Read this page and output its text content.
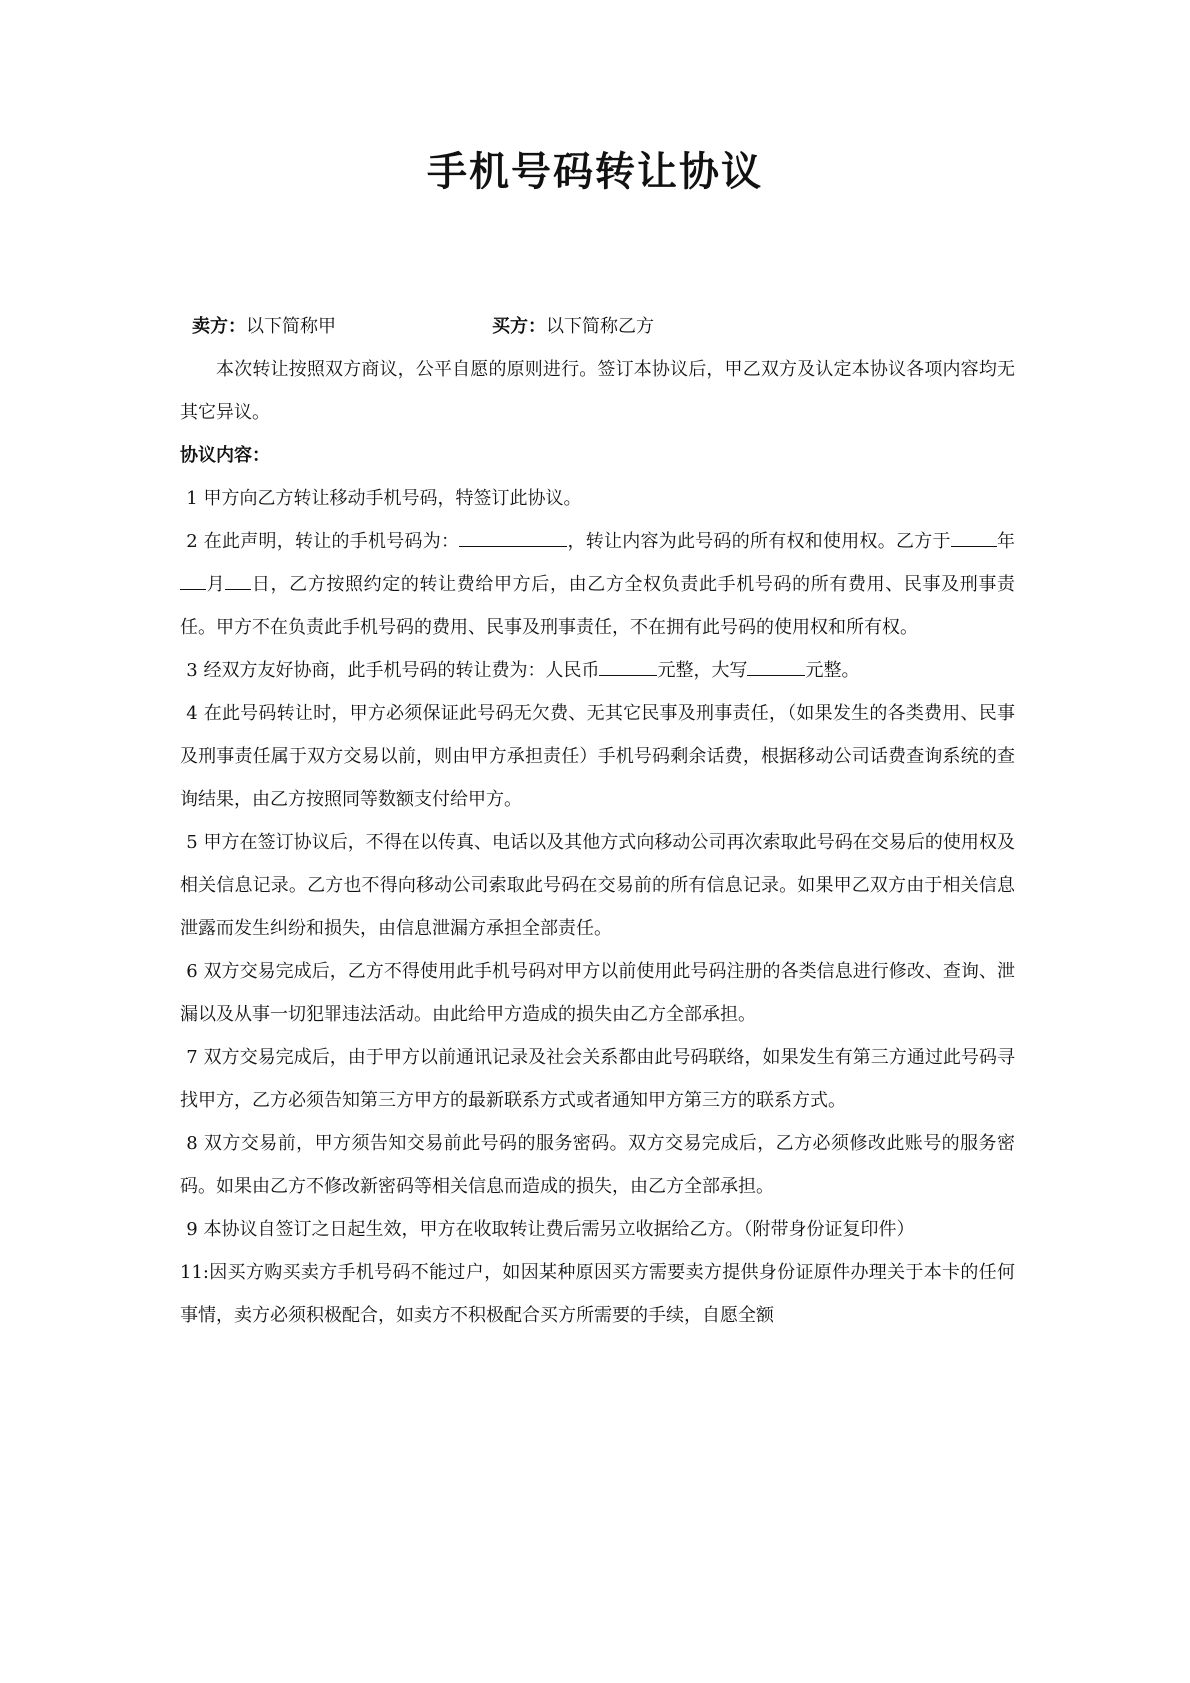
手机号码转让协议
卖方：以下简称甲	买方：以下简称乙方

本次转让按照双方商议，公平自愿的原则进行。签订本协议后，甲乙双方及认定本协议各项内容均无其它异议。

协议内容：

1 甲方向乙方转让移动手机号码，特签订此协议。

2 在此声明，转让的手机号码为：	，转让内容为此号码的所有权和使用权。乙方于	年月 日，乙方按照约定的转让费给甲方后，由乙方全权负责此手机号码的所有费用、民事及刑事责任。甲方不在负责此手机号码的费用、民事及刑事责任，不在拥有此号码的使用权和所有权。

3 经双方友好协商，此手机号码的转让费为：人民币	元整，大写	元整。

4 在此号码转让时，甲方必须保证此号码无欠费、无其它民事及刑事责任，（如果发生的各类费用、民事及刑事责任属于双方交易以前，则由甲方承担责任）手机号码剩余话费，根据移动公司话费查询系统的查询结果，由乙方按照同等数额支付给甲方。

5 甲方在签订协议后，不得在以传真、电话以及其他方式向移动公司再次索取此号码在交易后的使用权及相关信息记录。乙方也不得向移动公司索取此号码在交易前的所有信息记录。如果甲乙双方由于相关信息泄露而发生纠纷和损失，由信息泄漏方承担全部责任。

6 双方交易完成后，乙方不得使用此手机号码对甲方以前使用此号码注册的各类信息进行修改、查询、泄漏以及从事一切犯罪违法活动。由此给甲方造成的损失由乙方全部承担。

7 双方交易完成后，由于甲方以前通讯记录及社会关系都由此号码联络，如果发生有第三方通过此号码寻找甲方，乙方必须告知第三方甲方的最新联系方式或者通知甲方第三方的联系方式。

8 双方交易前，甲方须告知交易前此号码的服务密码。双方交易完成后，乙方必须修改此账号的服务密码。如果由乙方不修改新密码等相关信息而造成的损失，由乙方全部承担。

9 本协议自签订之日起生效，甲方在收取转让费后需另立收据给乙方。（附带身份证复印件）

11:因买方购买卖方手机号码不能过户，如因某种原因买方需要卖方提供身份证原件办理关于本卡的任何事情，卖方必须积极配合，如卖方不积极配合买方所需要的手续，自愿全额
